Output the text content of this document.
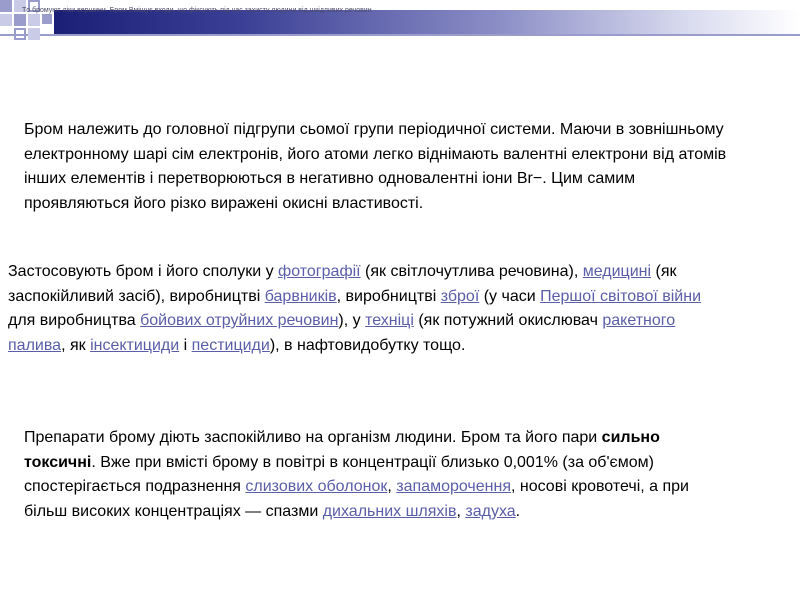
Tо бромуют ліки вершини. Бром Вміщує входи, що фіксують під час захисту людини від шкідливих речовин
Бром належить до головної підгрупи сьомої групи періодичної системи. Маючи в зовнішньому електронному шарі сім електронів, його атоми легко віднімають валентні електрони від атомів інших елементів і перетворюються в негативно одновалентні іони Br−. Цим самим проявляються його різко виражені окисні властивості.
Застосовують бром і його сполуки у фотографії (як світлочутлива речовина), медицині (як заспокійливий засіб), виробництві барвників, виробництві зброї (у часи Першої світової війни для виробництва бойових отруйних речовин), у техніці (як потужний окислювач ракетного палива, як інсектициди і пестициди), в нафтовидобутку тощо.
Препарати брому діють заспокійливо на організм людини. Бром та його пари сильно токсичні. Вже при вмісті брому в повітрі в концентрації близько 0,001% (за об'ємом) спостерігається подразнення слизових оболонок, запаморочення, носові кровотечі, а при більш високих концентраціях — спазми дихальних шляхів, задуха.
